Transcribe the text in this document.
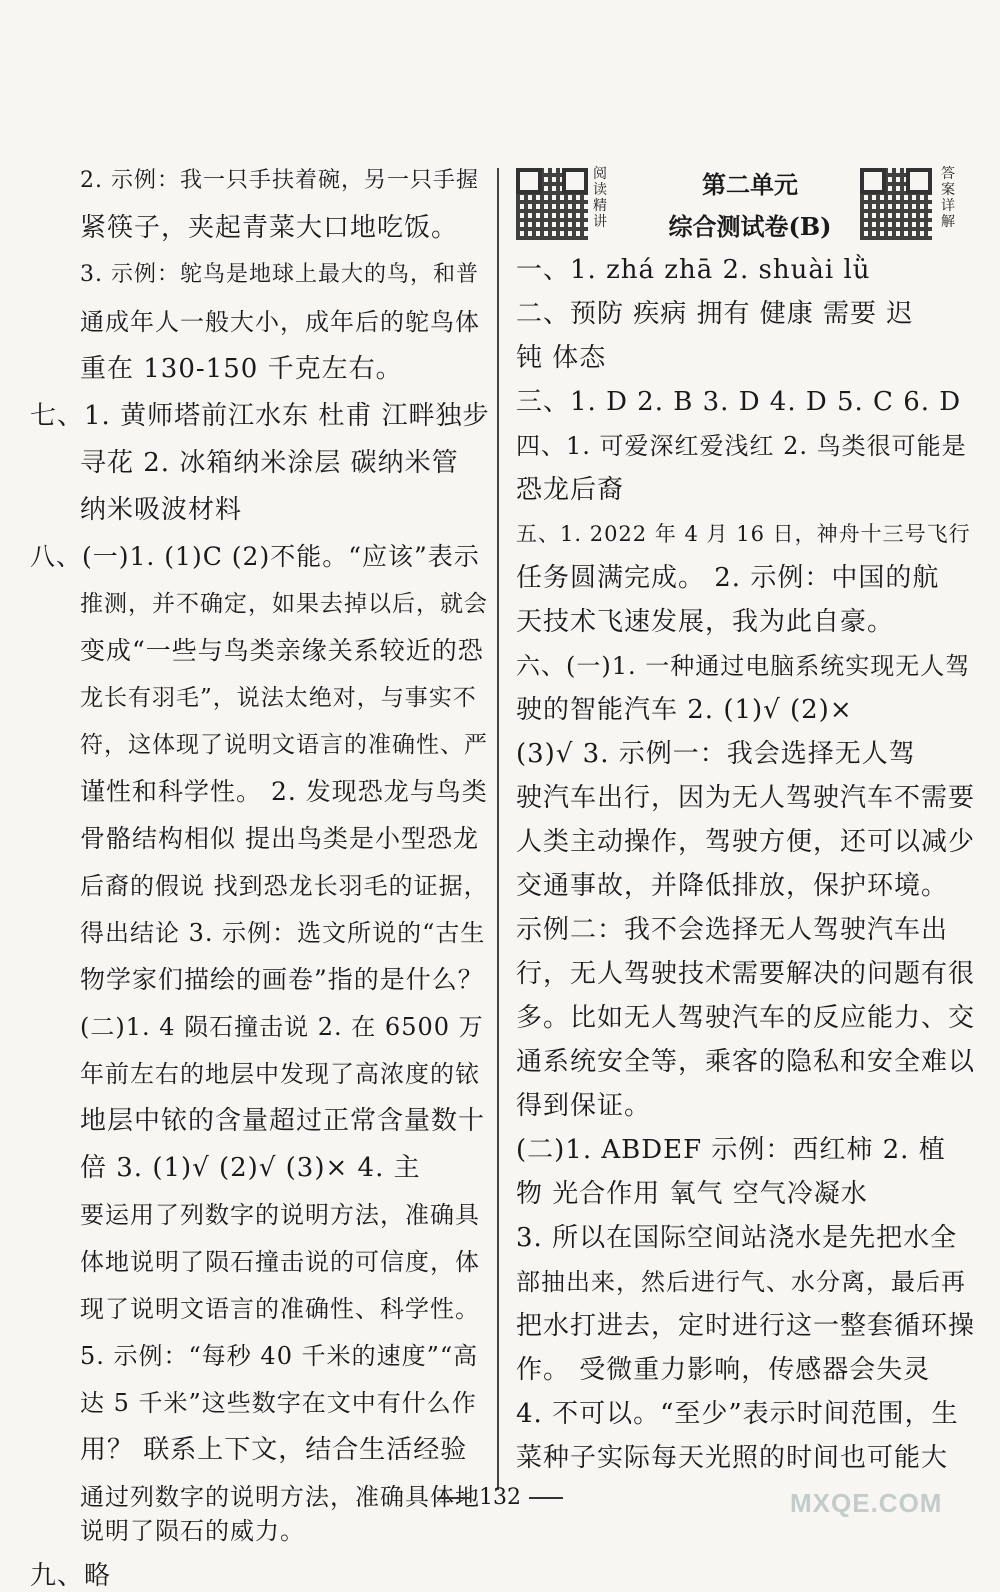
2. 示例：我一只手扶着碗，另一只手握
紧筷子，夹起青菜大口地吃饭。
3. 示例：鸵鸟是地球上最大的鸟，和普
通成年人一般大小，成年后的鸵鸟体
重在 130-150 千克左右。
七、1. 黄师塔前江水东 杜甫 江畔独步
寻花 2. 冰箱纳米涂层 碳纳米管
纳米吸波材料
八、(一)1. (1)C (2)不能。“应该”表示
推测，并不确定，如果去掉以后，就会
变成“一些与鸟类亲缘关系较近的恐
龙长有羽毛”，说法太绝对，与事实不
符，这体现了说明文语言的准确性、严
谨性和科学性。 2. 发现恐龙与鸟类
骨骼结构相似 提出鸟类是小型恐龙
后裔的假说 找到恐龙长羽毛的证据，
得出结论 3. 示例：选文所说的“古生
物学家们描绘的画卷”指的是什么？
(二)1. 4 陨石撞击说 2. 在 6500 万
年前左右的地层中发现了高浓度的铱
地层中铱的含量超过正常含量数十
倍 3. (1)√ (2)√ (3)× 4. 主
要运用了列数字的说明方法，准确具
体地说明了陨石撞击说的可信度，体
现了说明文语言的准确性、科学性。
5. 示例：“每秒 40 千米的速度”“高
达 5 千米”这些数字在文中有什么作
用？ 联系上下文，结合生活经验
通过列数字的说明方法，准确具体地
说明了陨石的威力。
九、略
阅读精讲
第二单元
综合测试卷(B)
答案详解
一、1. zhá zhā 2. shuài lǜ
二、预防 疾病 拥有 健康 需要 迟
钝 体态
三、1. D 2. B 3. D 4. D 5. C 6. D
四、1. 可爱深红爱浅红 2. 鸟类很可能是
恐龙后裔
五、1. 2022 年 4 月 16 日，神舟十三号飞行
任务圆满完成。 2. 示例：中国的航
天技术飞速发展，我为此自豪。
六、(一)1. 一种通过电脑系统实现无人驾
驶的智能汽车 2. (1)√ (2)×
(3)√ 3. 示例一：我会选择无人驾
驶汽车出行，因为无人驾驶汽车不需要
人类主动操作，驾驶方便，还可以减少
交通事故，并降低排放，保护环境。
示例二：我不会选择无人驾驶汽车出
行，无人驾驶技术需要解决的问题有很
多。比如无人驾驶汽车的反应能力、交
通系统安全等，乘客的隐私和安全难以
得到保证。
(二)1. ABDEF 示例：西红柿 2. 植
物 光合作用 氧气 空气冷凝水
3. 所以在国际空间站浇水是先把水全
部抽出来，然后进行气、水分离，最后再
把水打进去，定时进行这一整套循环操
作。 受微重力影响，传感器会失灵
4. 不可以。“至少”表示时间范围，生
菜种子实际每天光照的时间也可能大
132	MXQE.COM
